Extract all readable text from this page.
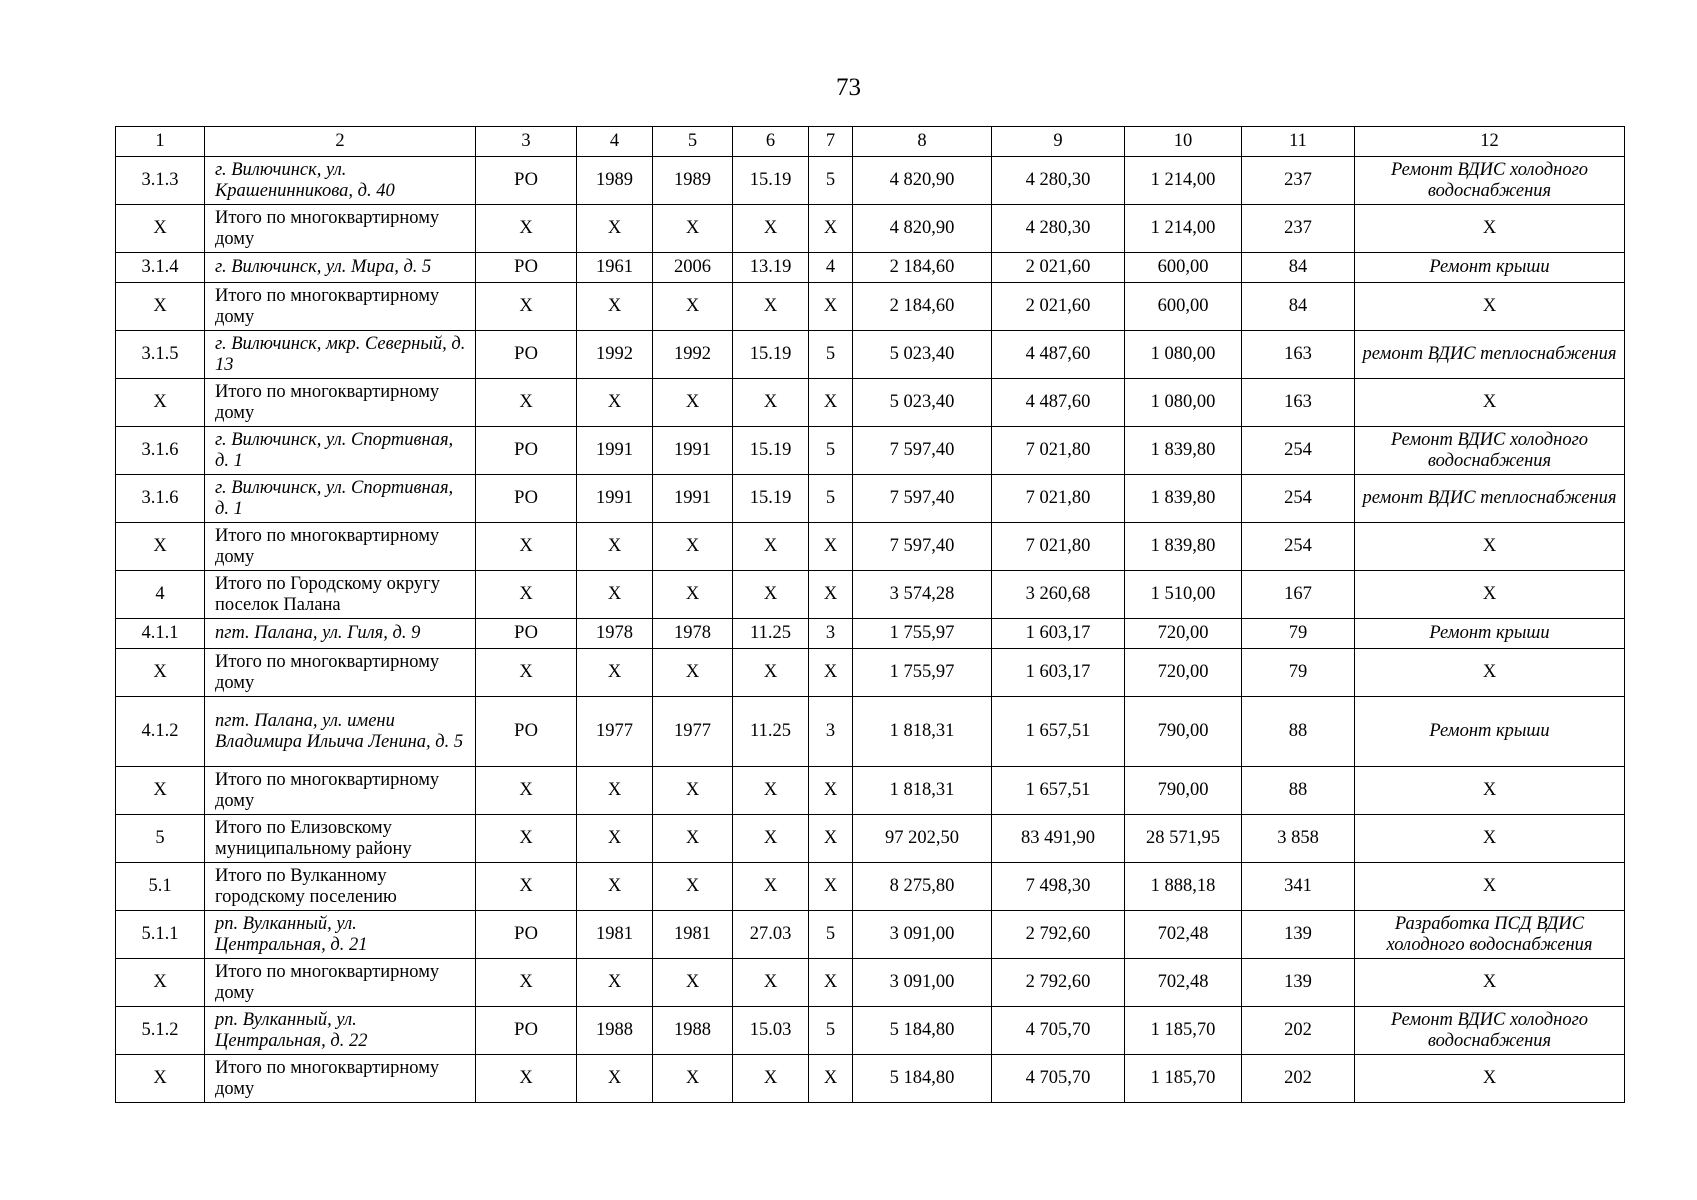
73
1	2	3	4	5	6	7	8	9	10	11	12
3.1.3	г. Вилючинск, ул. Крашенинникова, д. 40	РО	1989	1989	15.19	5	4 820,90	4 280,30	1 214,00	237	Ремонт ВДИС холодного водоснабжения
Х	Итого по многоквартирному дому	Х	Х	Х	Х	Х	4 820,90	4 280,30	1 214,00	237	Х
3.1.4	г. Вилючинск, ул. Мира, д. 5	РО	1961	2006	13.19	4	2 184,60	2 021,60	600,00	84	Ремонт крыши
Х	Итого по многоквартирному дому	Х	Х	Х	Х	Х	2 184,60	2 021,60	600,00	84	Х
3.1.5	г. Вилючинск, мкр. Северный, д. 13	РО	1992	1992	15.19	5	5 023,40	4 487,60	1 080,00	163	ремонт ВДИС теплоснабжения
Х	Итого по многоквартирному дому	Х	Х	Х	Х	Х	5 023,40	4 487,60	1 080,00	163	Х
3.1.6	г. Вилючинск, ул. Спортивная, д. 1	РО	1991	1991	15.19	5	7 597,40	7 021,80	1 839,80	254	Ремонт ВДИС холодного водоснабжения
3.1.6	г. Вилючинск, ул. Спортивная, д. 1	РО	1991	1991	15.19	5	7 597,40	7 021,80	1 839,80	254	ремонт ВДИС теплоснабжения
Х	Итого по многоквартирному дому	Х	Х	Х	Х	Х	7 597,40	7 021,80	1 839,80	254	Х
4	Итого по Городскому округу поселок Палана	Х	Х	Х	Х	Х	3 574,28	3 260,68	1 510,00	167	Х
4.1.1	пгт. Палана, ул. Гиля, д. 9	РО	1978	1978	11.25	3	1 755,97	1 603,17	720,00	79	Ремонт крыши
Х	Итого по многоквартирному дому	Х	Х	Х	Х	Х	1 755,97	1 603,17	720,00	79	Х
4.1.2	пгт. Палана, ул. имени Владимира Ильича Ленина, д. 5	РО	1977	1977	11.25	3	1 818,31	1 657,51	790,00	88	Ремонт крыши
Х	Итого по многоквартирному дому	Х	Х	Х	Х	Х	1 818,31	1 657,51	790,00	88	Х
5	Итого по Елизовскому муниципальному району	Х	Х	Х	Х	Х	97 202,50	83 491,90	28 571,95	3 858	Х
5.1	Итого по Вулканному городскому поселению	Х	Х	Х	Х	Х	8 275,80	7 498,30	1 888,18	341	Х
5.1.1	рп. Вулканный, ул. Центральная, д. 21	РО	1981	1981	27.03	5	3 091,00	2 792,60	702,48	139	Разработка ПСД ВДИС холодного водоснабжения
Х	Итого по многоквартирному дому	Х	Х	Х	Х	Х	3 091,00	2 792,60	702,48	139	Х
5.1.2	рп. Вулканный, ул. Центральная, д. 22	РО	1988	1988	15.03	5	5 184,80	4 705,70	1 185,70	202	Ремонт ВДИС холодного водоснабжения
Х	Итого по многоквартирному дому	Х	Х	Х	Х	Х	5 184,80	4 705,70	1 185,70	202	Х
